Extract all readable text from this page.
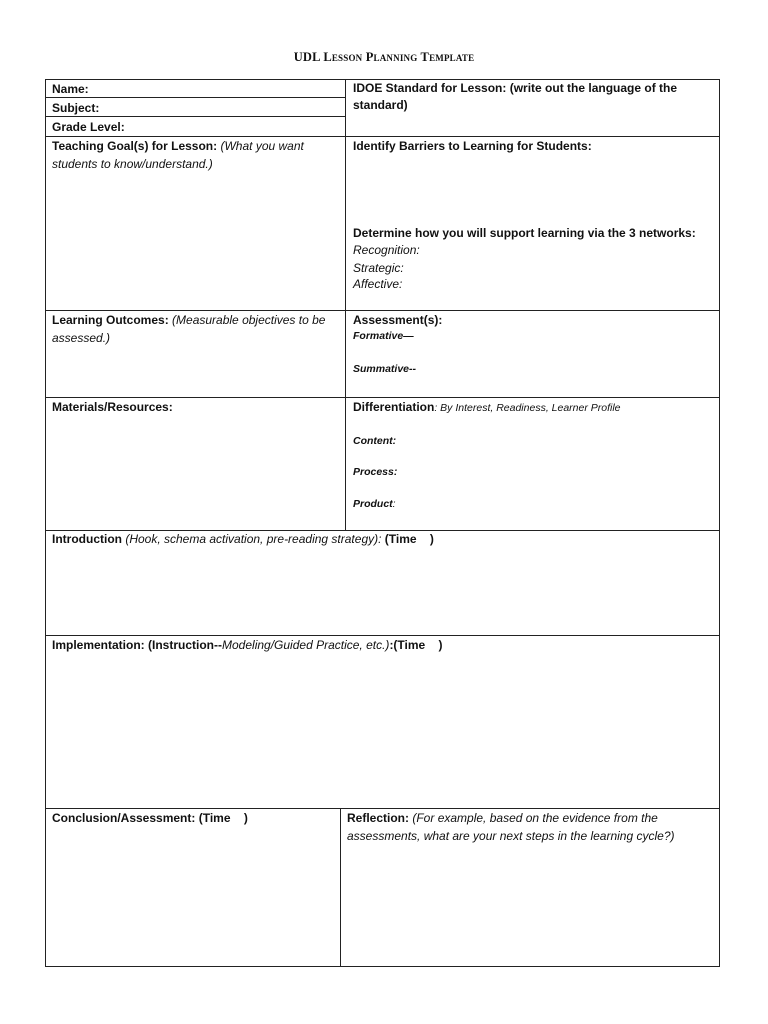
UDL Lesson Planning Template
Name:
Subject:
Grade Level:
IDOE Standard for Lesson: (write out the language of the standard)
Teaching Goal(s) for Lesson: (What you want students to know/understand.)
Identify Barriers to Learning for Students:
Determine how you will support learning via the 3 networks:
Recognition:
Strategic:
Affective:
Learning Outcomes: (Measurable objectives to be assessed.)
Assessment(s):
Formative—
Summative--
Materials/Resources:	Differentiation: By Interest, Readiness, Learner Profile
Content:
Process:
Product:
Introduction (Hook, schema activation, pre-reading strategy): (Time    )
Implementation: (Instruction--Modeling/Guided Practice, etc.):(Time    )
Conclusion/Assessment: (Time    )	Reflection: (For example, based on the evidence from the assessments, what are your next steps in the learning cycle?)
